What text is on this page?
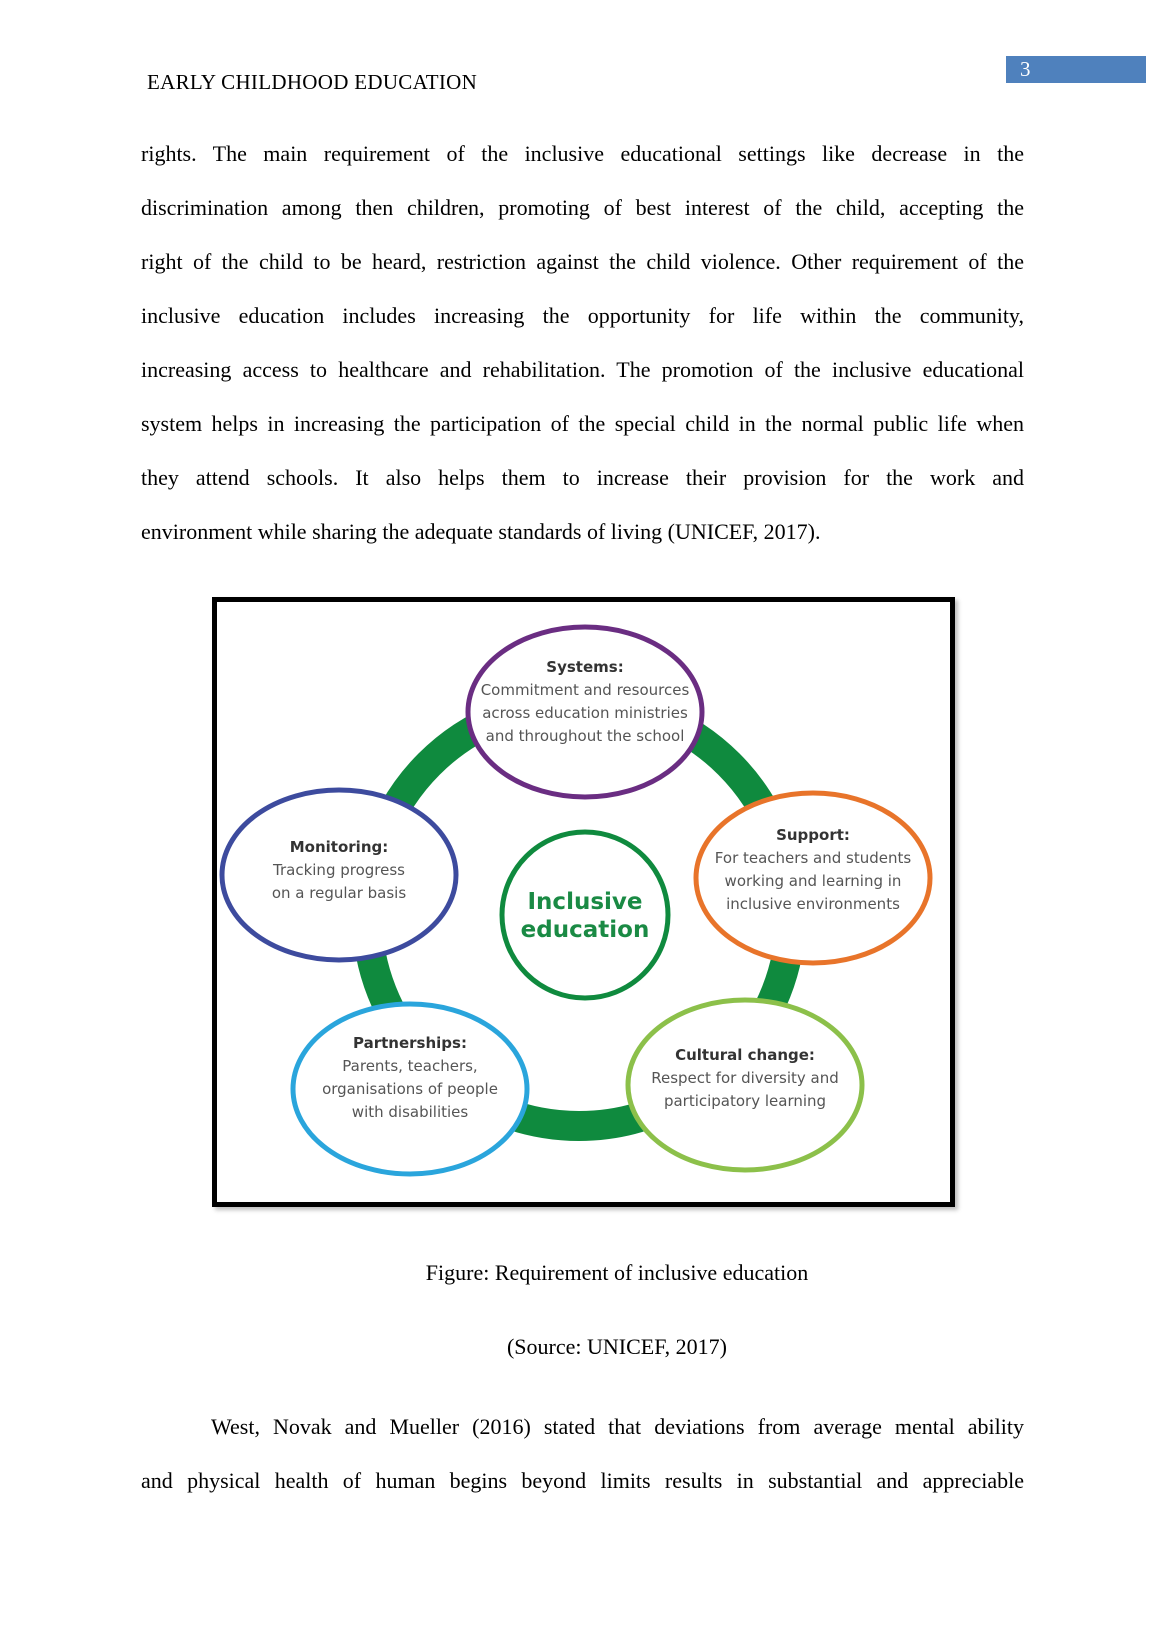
EARLY CHILDHOOD EDUCATION
3
rights. The main requirement of the inclusive educational settings like decrease in the
discrimination among then children, promoting of best interest of the child, accepting the
right of the child to be heard, restriction against the child violence. Other requirement of the
inclusive education includes increasing the opportunity for life within the community,
increasing access to healthcare and rehabilitation. The promotion of the inclusive educational
system helps in increasing the participation of the special child in the normal public life when
they attend schools. It also helps them to increase their provision for the work and
environment while sharing the adequate standards of living (UNICEF, 2017).
Inclusive
education
Systems:
Commitment and resources
across education ministries
and throughout the school
Support:
For teachers and students
working and learning in
inclusive environments
Cultural change:
Respect for diversity and
participatory learning
Partnerships:
Parents, teachers,
organisations of people
with disabilities
Monitoring:
Tracking progress
on a regular basis
Figure: Requirement of inclusive education
(Source: UNICEF, 2017)
West, Novak and Mueller (2016) stated that deviations from average mental ability
and physical health of human begins beyond limits results in substantial and appreciable
